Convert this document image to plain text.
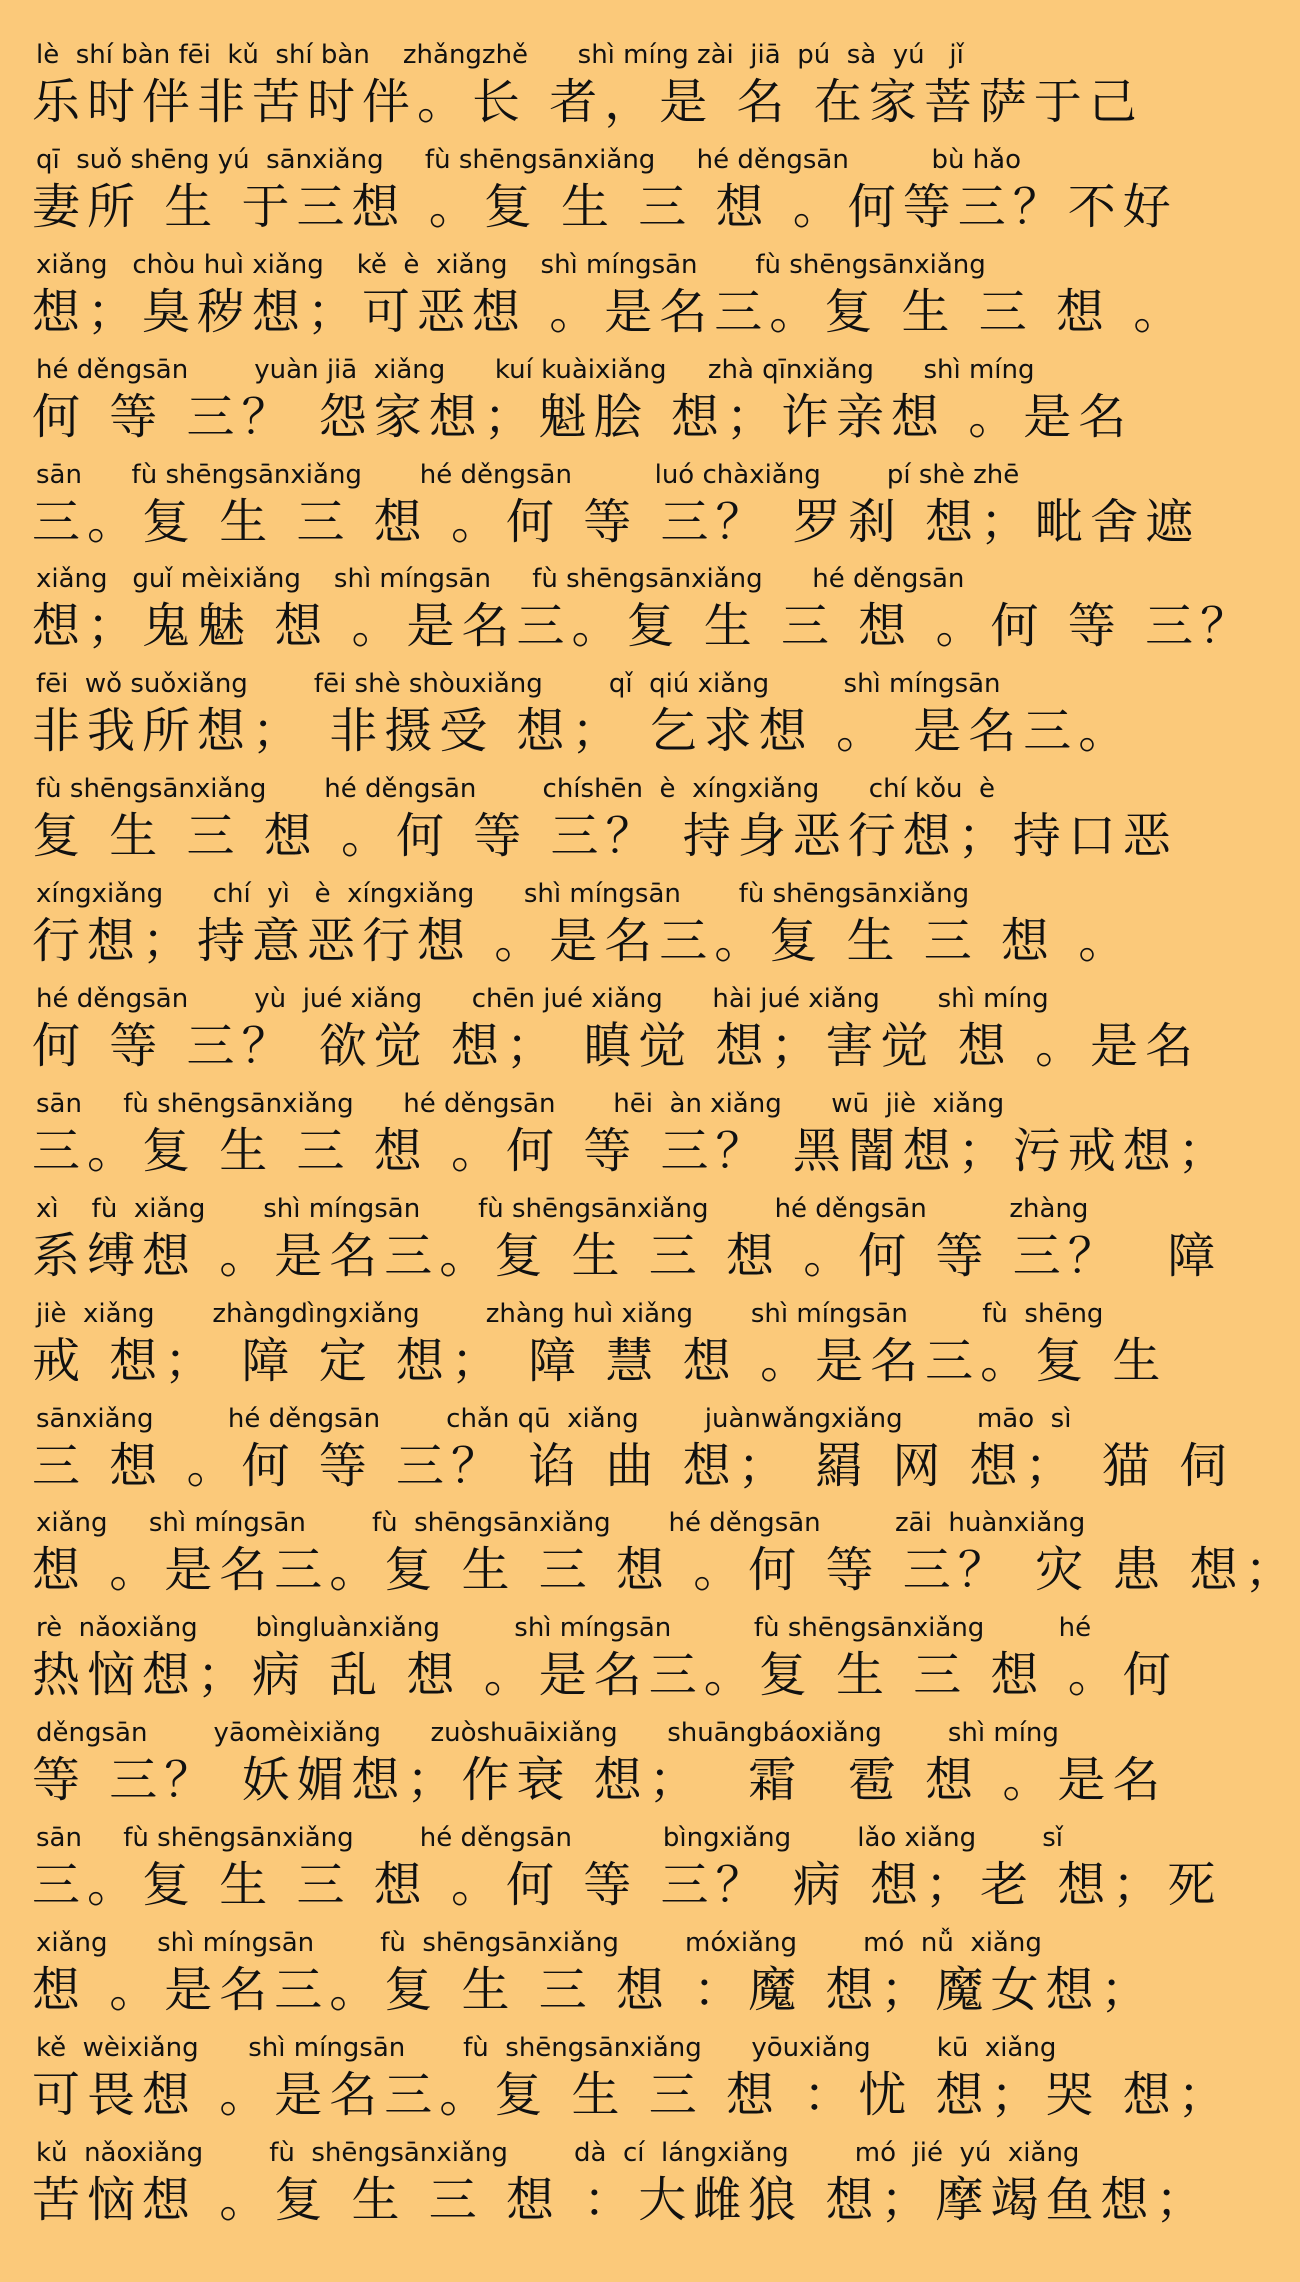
lè  shí bàn fēi  kǔ  shí bàn    zhǎngzhě      shì míng zài  jiā  pú  sà  yú   jǐ
乐时伴非苦时伴。长 者，是 名 在家菩萨于己
qī  suǒ shēng yú  sānxiǎng     fù shēngsānxiǎng     hé děngsān          bù hǎo
妻所 生 于三想 。复 生 三 想 。何等三？不好
xiǎng   chòu huì xiǎng    kě  è  xiǎng    shì míngsān       fù shēngsānxiǎng
想；臭秽想；可恶想 。是名三。复 生 三 想 。
hé děngsān        yuàn jiā  xiǎng      kuí kuàixiǎng     zhà qīnxiǎng      shì míng
何 等 三？ 怨家想；魁脍 想；诈亲想 。是名
sān      fù shēngsānxiǎng       hé děngsān          luó chàxiǎng        pí shè zhē
三。复 生 三 想 。何 等 三？ 罗刹 想；毗舍遮
xiǎng   guǐ mèixiǎng    shì míngsān     fù shēngsānxiǎng      hé děngsān
想；鬼魅 想 。是名三。复 生 三 想 。何 等 三？
fēi  wǒ suǒxiǎng        fēi shè shòuxiǎng        qǐ  qiú xiǎng         shì míngsān
非我所想； 非摄受 想； 乞求想 。 是名三。
fù shēngsānxiǎng       hé děngsān        chíshēn  è  xíngxiǎng      chí kǒu  è
复 生 三 想 。何 等 三？ 持身恶行想；持口恶
xíngxiǎng      chí  yì   è  xíngxiǎng      shì míngsān       fù shēngsānxiǎng
行想；持意恶行想 。是名三。复 生 三 想 。
hé děngsān        yù  jué xiǎng      chēn jué xiǎng      hài jué xiǎng       shì míng
何 等 三？ 欲觉 想； 瞋觉 想；害觉 想 。是名
sān     fù shēngsānxiǎng      hé děngsān       hēi  àn xiǎng      wū  jiè  xiǎng
三。复 生 三 想 。何 等 三？ 黑闇想；污戒想；
xì    fù  xiǎng       shì míngsān       fù shēngsānxiǎng        hé děngsān          zhàng
系缚想 。是名三。复 生 三 想 。何 等 三？  障
jiè  xiǎng       zhàngdìngxiǎng        zhàng huì xiǎng       shì míngsān         fù  shēng
戒 想； 障 定 想； 障 慧 想 。是名三。复 生
sānxiǎng         hé děngsān        chǎn qū  xiǎng        juànwǎngxiǎng         māo  sì
三 想 。何 等 三？ 谄 曲 想； 羂 网 想； 猫 伺
xiǎng     shì míngsān        fù  shēngsānxiǎng       hé děngsān         zāi  huànxiǎng
想 。是名三。复 生 三 想 。何 等 三？ 灾 患 想；
rè  nǎoxiǎng       bìngluànxiǎng         shì míngsān          fù shēngsānxiǎng         hé
热恼想；病 乱 想 。是名三。复 生 三 想 。何
děngsān        yāomèixiǎng      zuòshuāixiǎng      shuāngbáoxiǎng        shì míng
等 三？ 妖媚想；作衰 想；  霜  雹 想 。是名
sān     fù shēngsānxiǎng        hé děngsān           bìngxiǎng        lǎo xiǎng        sǐ
三。复 生 三 想 。何 等 三？ 病 想；老 想；死
xiǎng      shì míngsān        fù  shēngsānxiǎng        móxiǎng        mó  nǚ  xiǎng
想 。是名三。复 生 三 想 ：魔 想；魔女想；
kě  wèixiǎng      shì míngsān       fù  shēngsānxiǎng      yōuxiǎng        kū  xiǎng
可畏想 。是名三。复 生 三 想 ：忧 想；哭 想；
kǔ  nǎoxiǎng        fù  shēngsānxiǎng        dà  cí  lángxiǎng        mó  jié  yú  xiǎng
苦恼想 。复 生 三 想 ：大雌狼 想；摩竭鱼想；
